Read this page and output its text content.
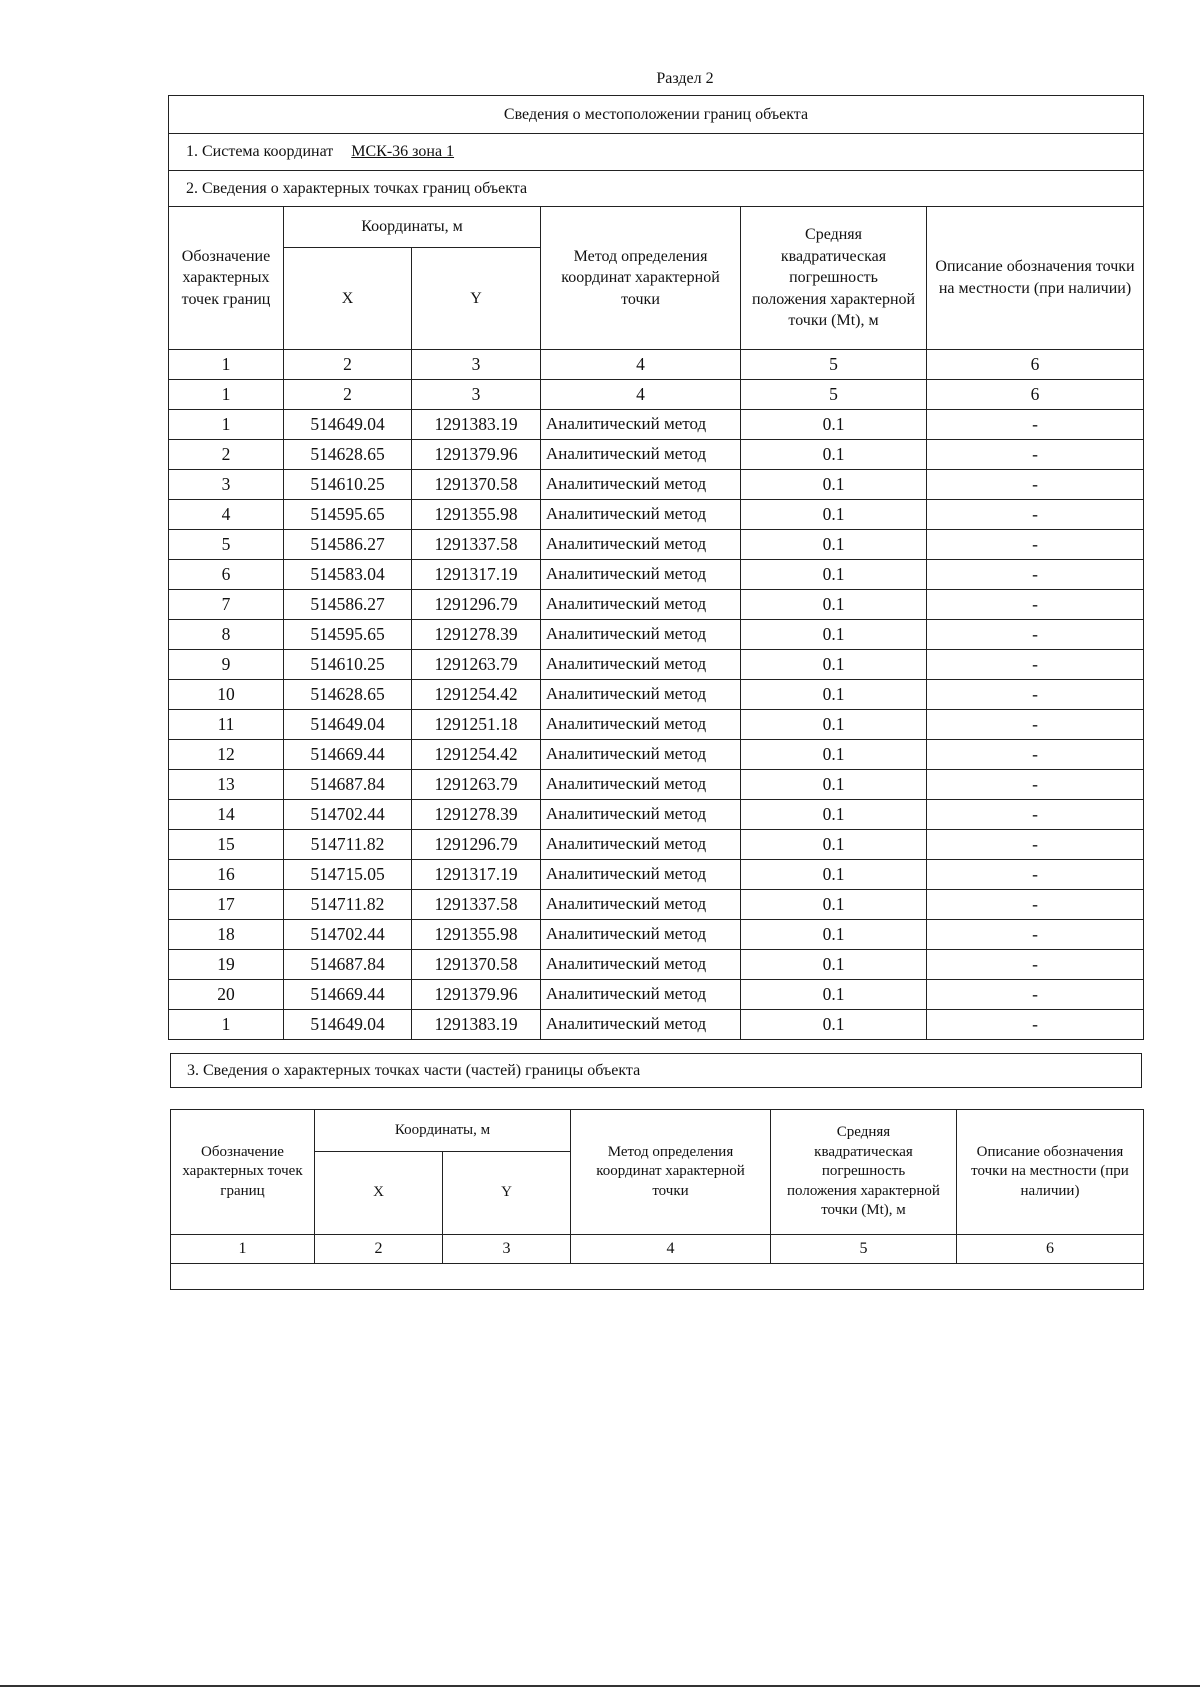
Раздел 2
Сведения о местоположении границ объекта
1. Система координат МСК-36 зона 1
2. Сведения о характерных точках границ объекта
Обозначение характерных точек границ	Координаты, м		Метод определения координат характерной точки	Средняя квадратическая погрешность положения характерной точки (Mt), м	Описание обозначения точки на местности (при наличии)
	X	Y			
1	2	3	4	5	6
1	2	3	4	5	6
1	514649.04	1291383.19	Аналитический метод	0.1	-
2	514628.65	1291379.96	Аналитический метод	0.1	-
3	514610.25	1291370.58	Аналитический метод	0.1	-
4	514595.65	1291355.98	Аналитический метод	0.1	-
5	514586.27	1291337.58	Аналитический метод	0.1	-
6	514583.04	1291317.19	Аналитический метод	0.1	-
7	514586.27	1291296.79	Аналитический метод	0.1	-
8	514595.65	1291278.39	Аналитический метод	0.1	-
9	514610.25	1291263.79	Аналитический метод	0.1	-
10	514628.65	1291254.42	Аналитический метод	0.1	-
11	514649.04	1291251.18	Аналитический метод	0.1	-
12	514669.44	1291254.42	Аналитический метод	0.1	-
13	514687.84	1291263.79	Аналитический метод	0.1	-
14	514702.44	1291278.39	Аналитический метод	0.1	-
15	514711.82	1291296.79	Аналитический метод	0.1	-
16	514715.05	1291317.19	Аналитический метод	0.1	-
17	514711.82	1291337.58	Аналитический метод	0.1	-
18	514702.44	1291355.98	Аналитический метод	0.1	-
19	514687.84	1291370.58	Аналитический метод	0.1	-
20	514669.44	1291379.96	Аналитический метод	0.1	-
1	514649.04	1291383.19	Аналитический метод	0.1	-
3. Сведения о характерных точках части (частей) границы объекта
Обозначение характерных точек границ	Координаты, м		Метод определения координат характерной точки	Средняя квадратическая погрешность положения характерной точки (Mt), м	Описание обозначения точки на местности (при наличии)
	X	Y			
1	2	3	4	5	6
